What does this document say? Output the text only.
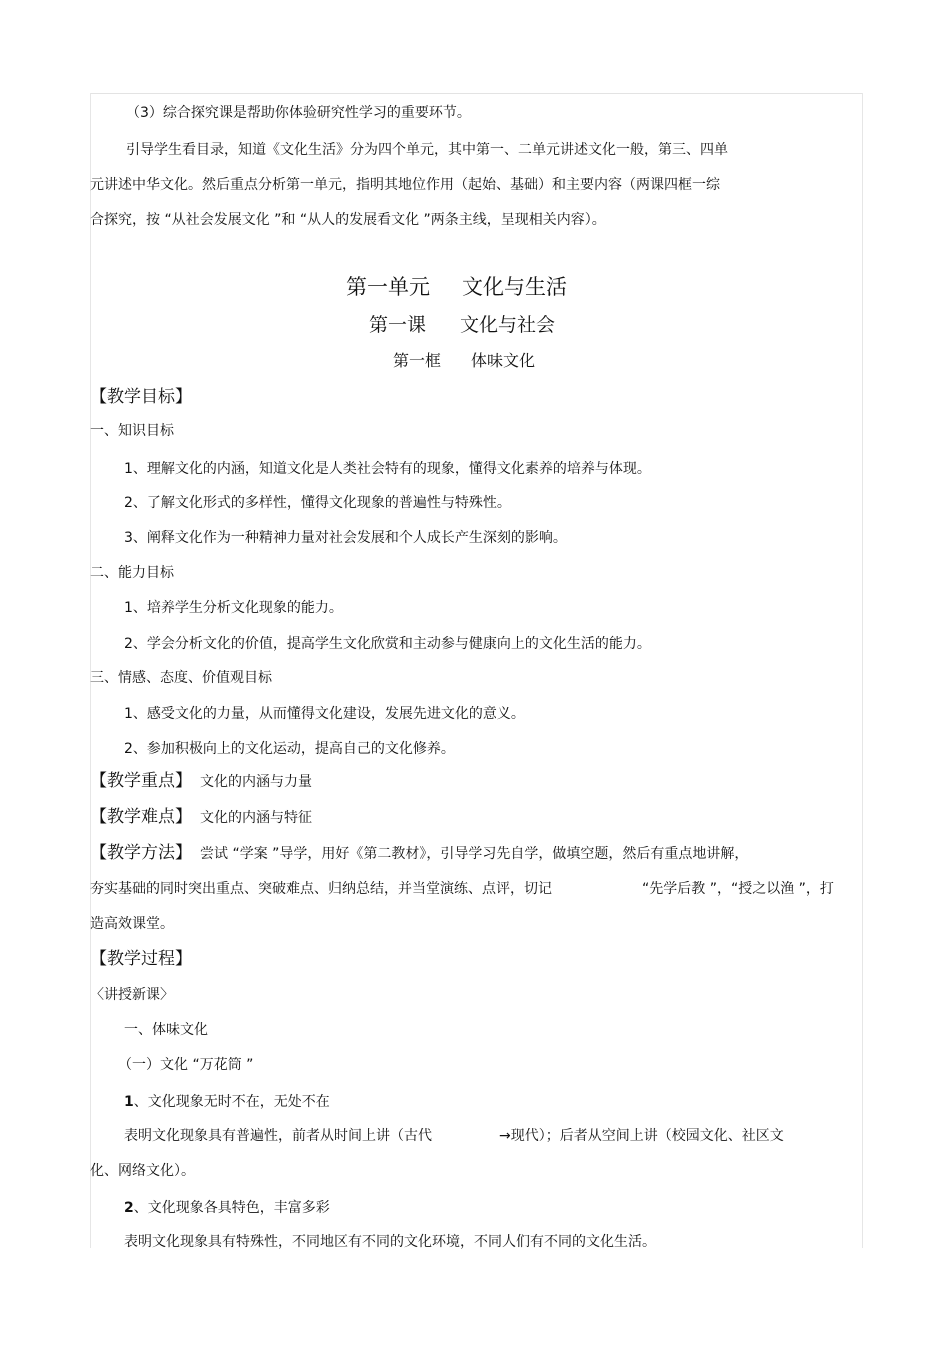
（3）综合探究课是帮助你体验研究性学习的重要环节。
引导学生看目录，知道《文化生活》分为四个单元，其中第一、二单元讲述文化一般，第三、四单
元讲述中华文化。然后重点分析第一单元，指明其地位作用（起始、基础）和主要内容（两课四框一综
合探究，按 “从社会发展文化 ”和 “从人的发展看文化 ”两条主线，呈现相关内容）。
第一单元 文化与生活
第一课 文化与社会
第一框 体味文化
【教学目标】
一、知识目标
1、理解文化的内涵，知道文化是人类社会特有的现象，懂得文化素养的培养与体现。
2、了解文化形式的多样性，懂得文化现象的普遍性与特殊性。
3、阐释文化作为一种精神力量对社会发展和个人成长产生深刻的影响。
二、能力目标
1、培养学生分析文化现象的能力。
2、学会分析文化的价值，提高学生文化欣赏和主动参与健康向上的文化生活的能力。
三、情感、态度、价值观目标
1、感受文化的力量，从而懂得文化建设，发展先进文化的意义。
2、参加积极向上的文化运动，提高自己的文化修养。
【教学重点】 文化的内涵与力量
【教学难点】 文化的内涵与特征
【教学方法】 尝试 “学案 ”导学，用好《第二教材》，引导学习先自学，做填空题，然后有重点地讲解，
夯实基础的同时突出重点、突破难点、归纳总结，并当堂演练、点评，切记	“先学后教 ”，“授之以渔 ”，打
造高效课堂。
【教学过程】
〈讲授新课〉
一、体味文化
（一）文化 “万花筒 ”
1、文化现象无时不在，无处不在
表明文化现象具有普遍性，前者从时间上讲（古代	→现代）；后者从空间上讲（校园文化、社区文
化、网络文化）。
2、文化现象各具特色，丰富多彩
表明文化现象具有特殊性，不同地区有不同的文化环境，不同人们有不同的文化生活。
